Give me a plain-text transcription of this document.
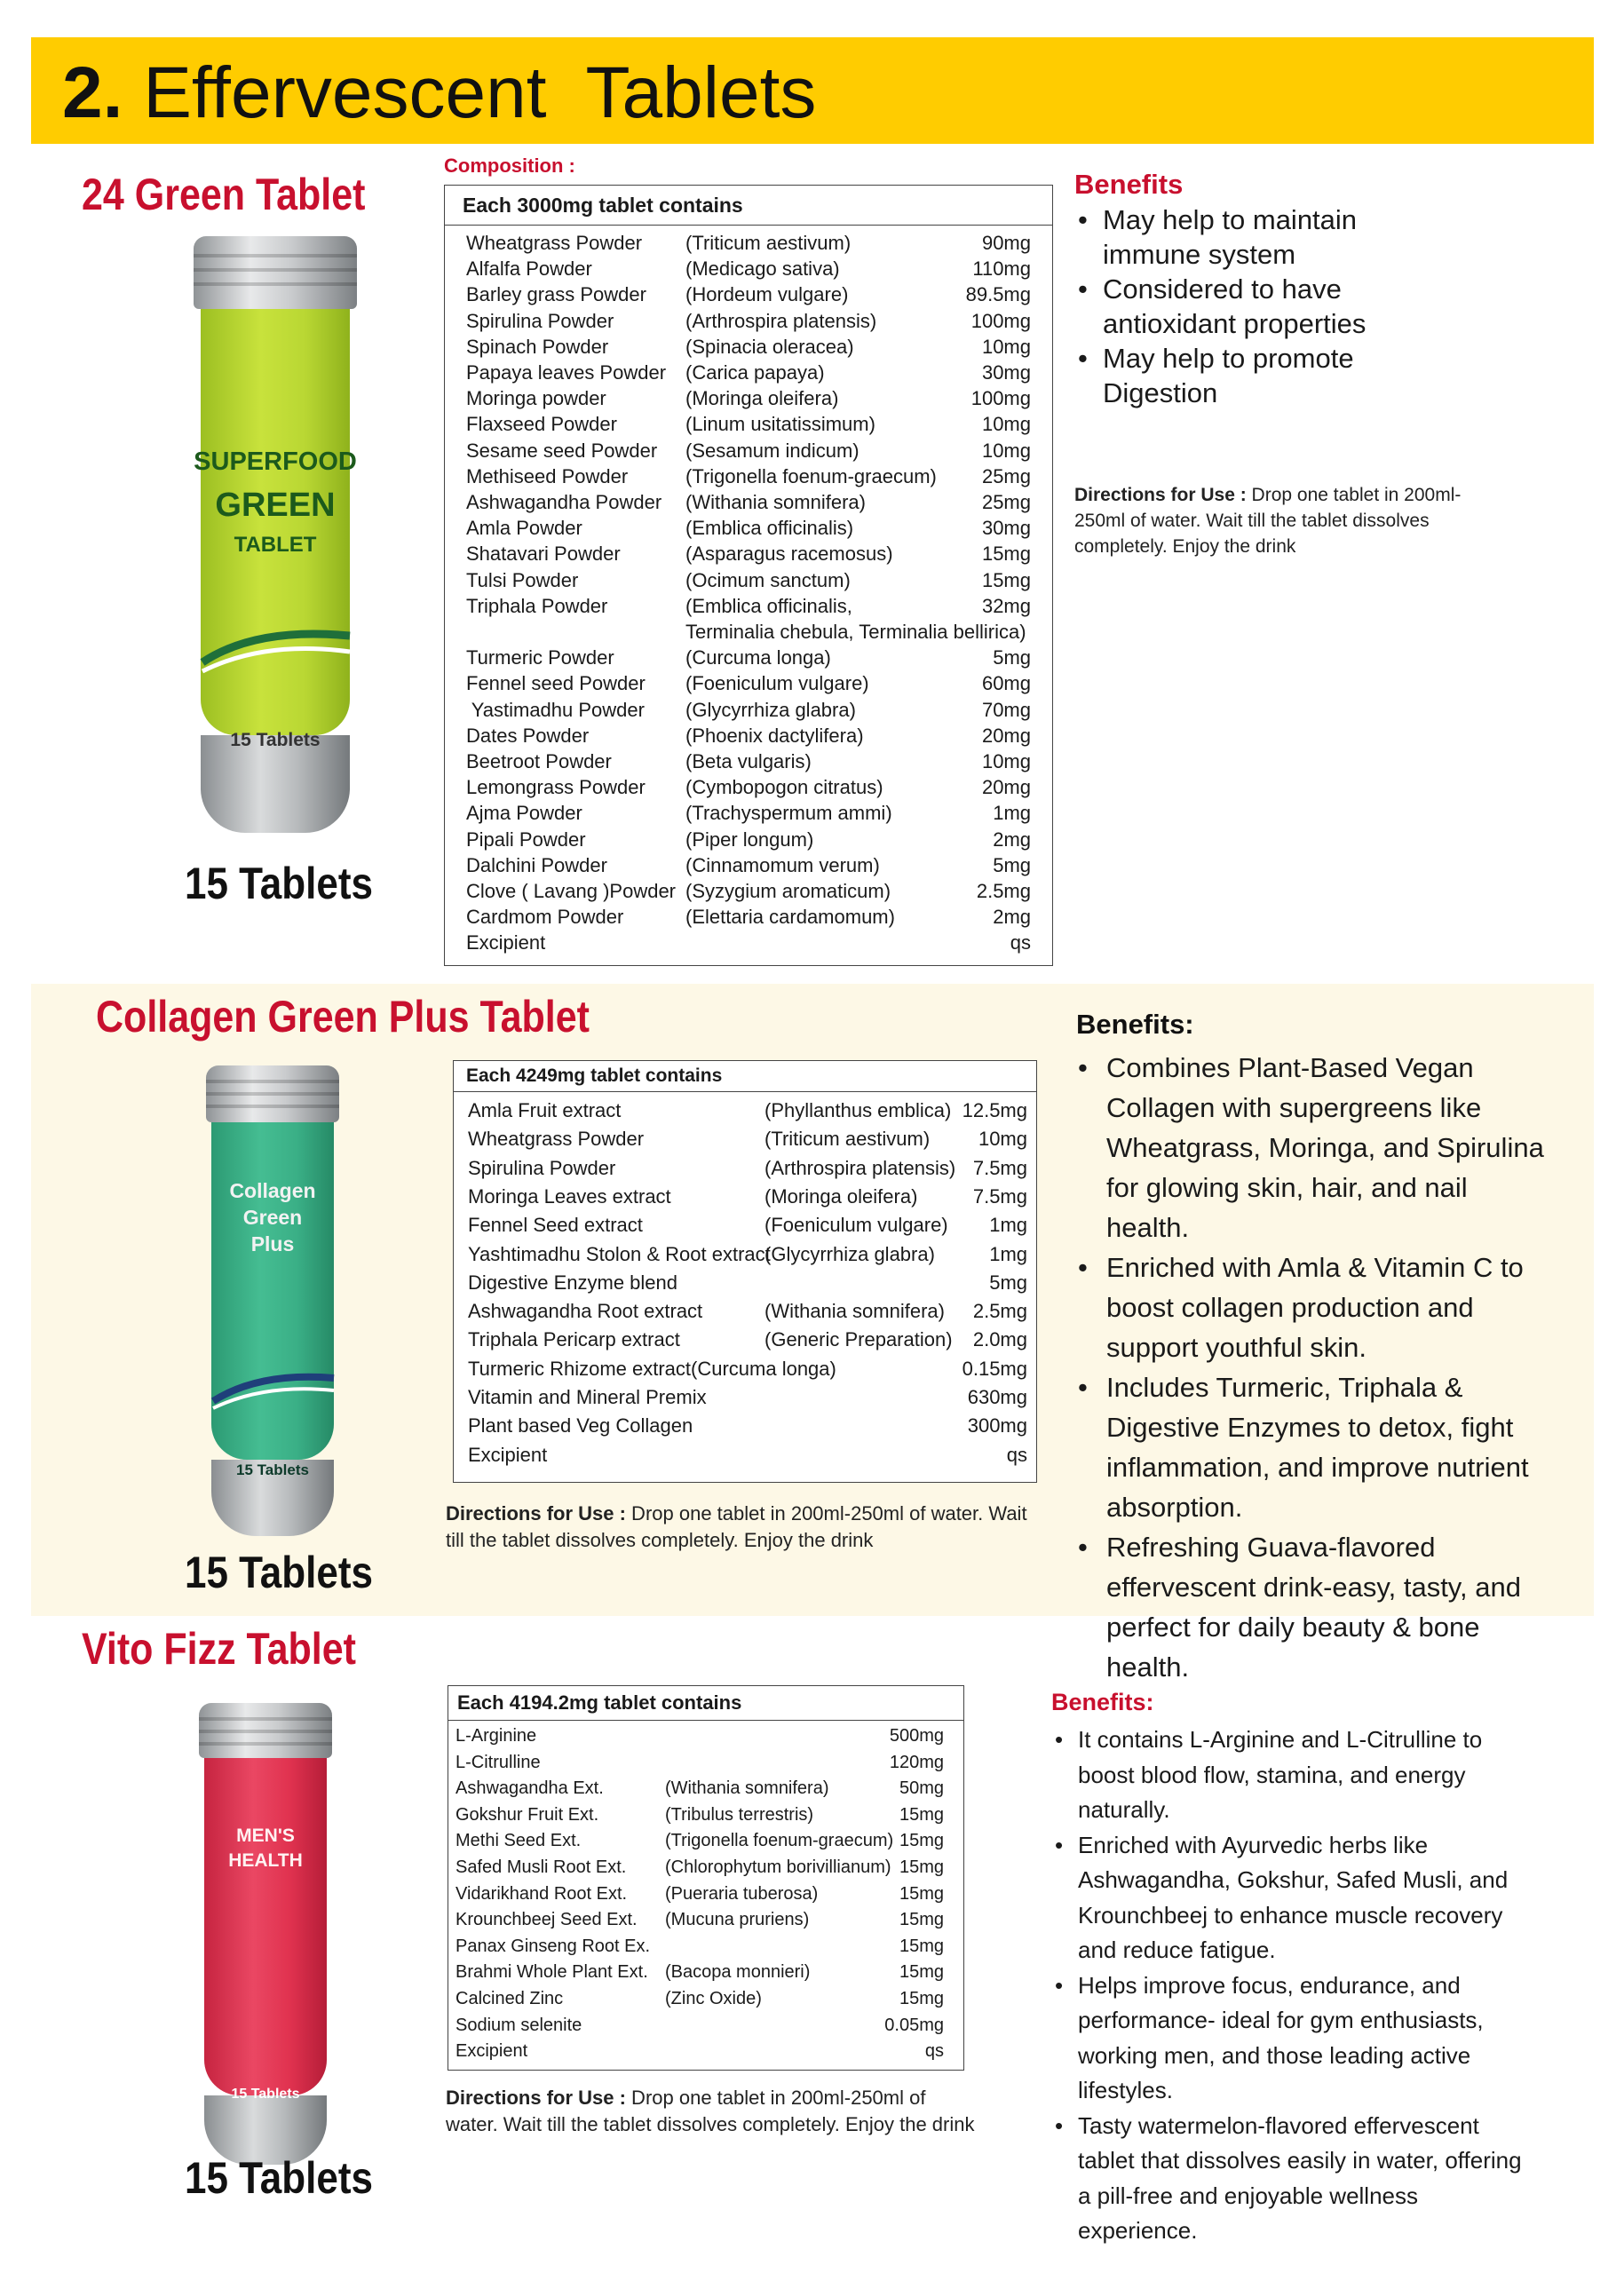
2. Effervescent  Tablets
24 Green Tablet
SUPERFOOD
GREEN
TABLET
15 Tablets
15 Tablets
Composition :
Each 3000mg tablet contains
Wheatgrass Powder (Triticum aestivum)	90mg
Alfalfa Powder	(Medicago sativa)	110mg
Barley grass Powder (Hordeum vulgare)	89.5mg
Spirulina Powder	(Arthrospira platensis)	100mg
Spinach Powder	(Spinacia oleracea)	10mg
Papaya leaves Powder (Carica papaya)	30mg
Moringa powder	(Moringa oleifera)	100mg
Flaxseed Powder	(Linum usitatissimum)	10mg
Sesame seed Powder (Sesamum indicum)	10mg
Methiseed Powder	(Trigonella foenum-graecum) 25mg
Ashwagandha Powder (Withania somnifera)	25mg
Amla Powder	(Emblica officinalis)	30mg
Shatavari Powder	(Asparagus racemosus)	15mg
Tulsi Powder	(Ocimum sanctum)	15mg
Triphala Powder	(Emblica officinalis,	32mg
Terminalia chebula, Terminalia bellirica)
Turmeric Powder	(Curcuma longa)	5mg
Fennel seed Powder (Foeniculum vulgare)	60mg
Yastimadhu Powder (Glycyrrhiza glabra)	70mg
Dates Powder	(Phoenix dactylifera)	20mg
Beetroot Powder	(Beta vulgaris)	10mg
Lemongrass Powder (Cymbopogon citratus)	20mg
Ajma Powder	(Trachyspermum ammi)	1mg
Pipali Powder	(Piper longum)	2mg
Dalchini Powder	(Cinnamomum verum)	5mg
Clove ( Lavang )Powder (Syzygium aromaticum)	2.5mg
Cardmom Powder	(Elettaria cardamomum)	2mg
Excipient	qs
Benefits
• May help to maintain immune system
• Considered to have antioxidant properties
• May help to promote Digestion
Directions for Use : Drop one tablet in 200ml-250ml of water. Wait till the tablet dissolves completely. Enjoy the drink
Collagen Green Plus Tablet
Collagen
Green
Plus
15 Tablets
15 Tablets
Each 4249mg tablet contains
Amla Fruit extract	(Phyllanthus emblica) 12.5mg
Wheatgrass Powder	(Triticum aestivum) 10mg
Spirulina Powder	(Arthrospira platensis) 7.5mg
Moringa Leaves extract	(Moringa oleifera)	7.5mg
Fennel Seed extract	(Foeniculum vulgare) 1mg
Yashtimadhu Stolon & Root extract
(Glycyrrhiza glabra)	1mg
Digestive Enzyme blend	5mg
Ashwagandha Root extract	(Withania somnifera) 2.5mg
Triphala Pericarp extract	(Generic Preparation) 2.0mg
Turmeric Rhizome extract(Curcuma longa)	0.15mg
Vitamin and Mineral Premix	630mg
Plant based Veg Collagen	300mg
Excipient	qs
Directions for Use : Drop one tablet in 200ml-250ml of water. Wait till the tablet dissolves completely. Enjoy the drink
Benefits:
• Combines Plant-Based Vegan Collagen with supergreens like Wheatgrass, Moringa, and Spirulina for glowing skin, hair, and nail health.
• Enriched with Amla & Vitamin C to boost collagen production and support youthful skin.
• Includes Turmeric, Triphala & Digestive Enzymes to detox, fight inflammation, and improve nutrient absorption.
• Refreshing Guava-flavored effervescent drink-easy, tasty, and perfect for daily beauty & bone health.
Vito Fizz Tablet
MEN'S
HEALTH
15 Tablets
15 Tablets
Each 4194.2mg tablet contains
L-Arginine	500mg
L-Citrulline	120mg
Ashwagandha Ext.	(Withania somnifera)	50mg
Gokshur Fruit Ext.	(Tribulus terrestris)	15mg
Methi Seed Ext.	(Trigonella foenum-graecum) 15mg
Safed Musli Root Ext. (Chlorophytum borivillianum) 15mg
Vidarikhand Root Ext. (Pueraria tuberosa)	15mg
Krounchbeej Seed Ext. (Mucuna pruriens)	15mg
Panax Ginseng Root Ex.	15mg
Brahmi Whole Plant Ext. (Bacopa monnieri)	15mg
Calcined Zinc	(Zinc Oxide)	15mg
Sodium selenite	0.05mg
Excipient	qs
Directions for Use : Drop one tablet in 200ml-250ml of water. Wait till the tablet dissolves completely. Enjoy the drink
Benefits:
• It contains L-Arginine and L-Citrulline to boost blood flow, stamina, and energy naturally.
• Enriched with Ayurvedic herbs like Ashwagandha, Gokshur, Safed Musli, and Krounchbeej to enhance muscle recovery and reduce fatigue.
• Helps improve focus, endurance, and performance- ideal for gym enthusiasts, working men, and those leading active lifestyles.
• Tasty watermelon-flavored effervescent tablet that dissolves easily in water, offering a pill-free and enjoyable wellness experience.
